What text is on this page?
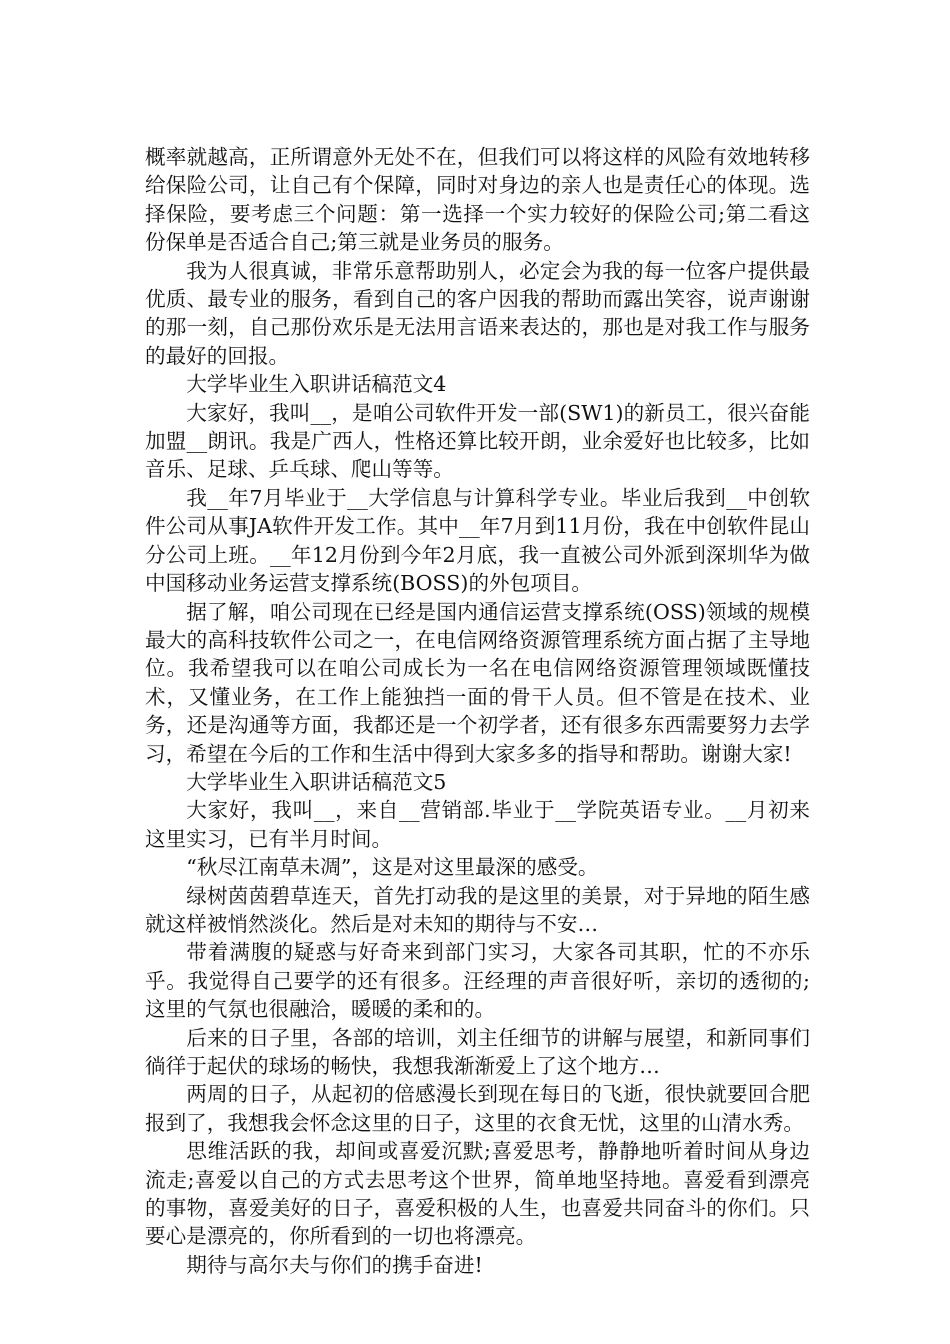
概率就越高，正所谓意外无处不在，但我们可以将这样的风险有效地转移给保险公司，让自己有个保障，同时对身边的亲人也是责任心的体现。选择保险，要考虑三个问题：第一选择一个实力较好的保险公司;第二看这份保单是否适合自己;第三就是业务员的服务。

我为人很真诚，非常乐意帮助别人，必定会为我的每一位客户提供最优质、最专业的服务，看到自己的客户因我的帮助而露出笑容，说声谢谢的那一刻，自己那份欢乐是无法用言语来表达的，那也是对我工作与服务的最好的回报。

大学毕业生入职讲话稿范文4

大家好，我叫__，是咱公司软件开发一部(SW1)的新员工，很兴奋能加盟__朗讯。我是广西人，性格还算比较开朗，业余爱好也比较多，比如音乐、足球、乒乓球、爬山等等。

我__年7月毕业于__大学信息与计算科学专业。毕业后我到__中创软件公司从事JA软件开发工作。其中__年7月到11月份，我在中创软件昆山分公司上班。__年12月份到今年2月底，我一直被公司外派到深圳华为做中国移动业务运营支撑系统(BOSS)的外包项目。

据了解，咱公司现在已经是国内通信运营支撑系统(OSS)领域的规模最大的高科技软件公司之一，在电信网络资源管理系统方面占据了主导地位。我希望我可以在咱公司成长为一名在电信网络资源管理领域既懂技术，又懂业务，在工作上能独挡一面的骨干人员。但不管是在技术、业务，还是沟通等方面，我都还是一个初学者，还有很多东西需要努力去学习，希望在今后的工作和生活中得到大家多多的指导和帮助。谢谢大家!

大学毕业生入职讲话稿范文5

大家好，我叫__，来自__营销部.毕业于__学院英语专业。__月初来这里实习，已有半月时间。

“秋尽江南草未凋”，这是对这里最深的感受。

绿树茵茵碧草连天，首先打动我的是这里的美景，对于异地的陌生感就这样被悄然淡化。然后是对未知的期待与不安…

带着满腹的疑惑与好奇来到部门实习，大家各司其职，忙的不亦乐乎。我觉得自己要学的还有很多。汪经理的声音很好听，亲切的透彻的;这里的气氛也很融洽，暖暖的柔和的。

后来的日子里，各部的培训，刘主任细节的讲解与展望，和新同事们徜徉于起伏的球场的畅快，我想我渐渐爱上了这个地方…

两周的日子，从起初的倍感漫长到现在每日的飞逝，很快就要回合肥报到了，我想我会怀念这里的日子，这里的衣食无忧，这里的山清水秀。

思维活跃的我，却间或喜爱沉默;喜爱思考，静静地听着时间从身边流走;喜爱以自己的方式去思考这个世界，简单地坚持地。喜爱看到漂亮的事物，喜爱美好的日子，喜爱积极的人生，也喜爱共同奋斗的你们。只要心是漂亮的，你所看到的一切也将漂亮。

期待与高尔夫与你们的携手奋进!
